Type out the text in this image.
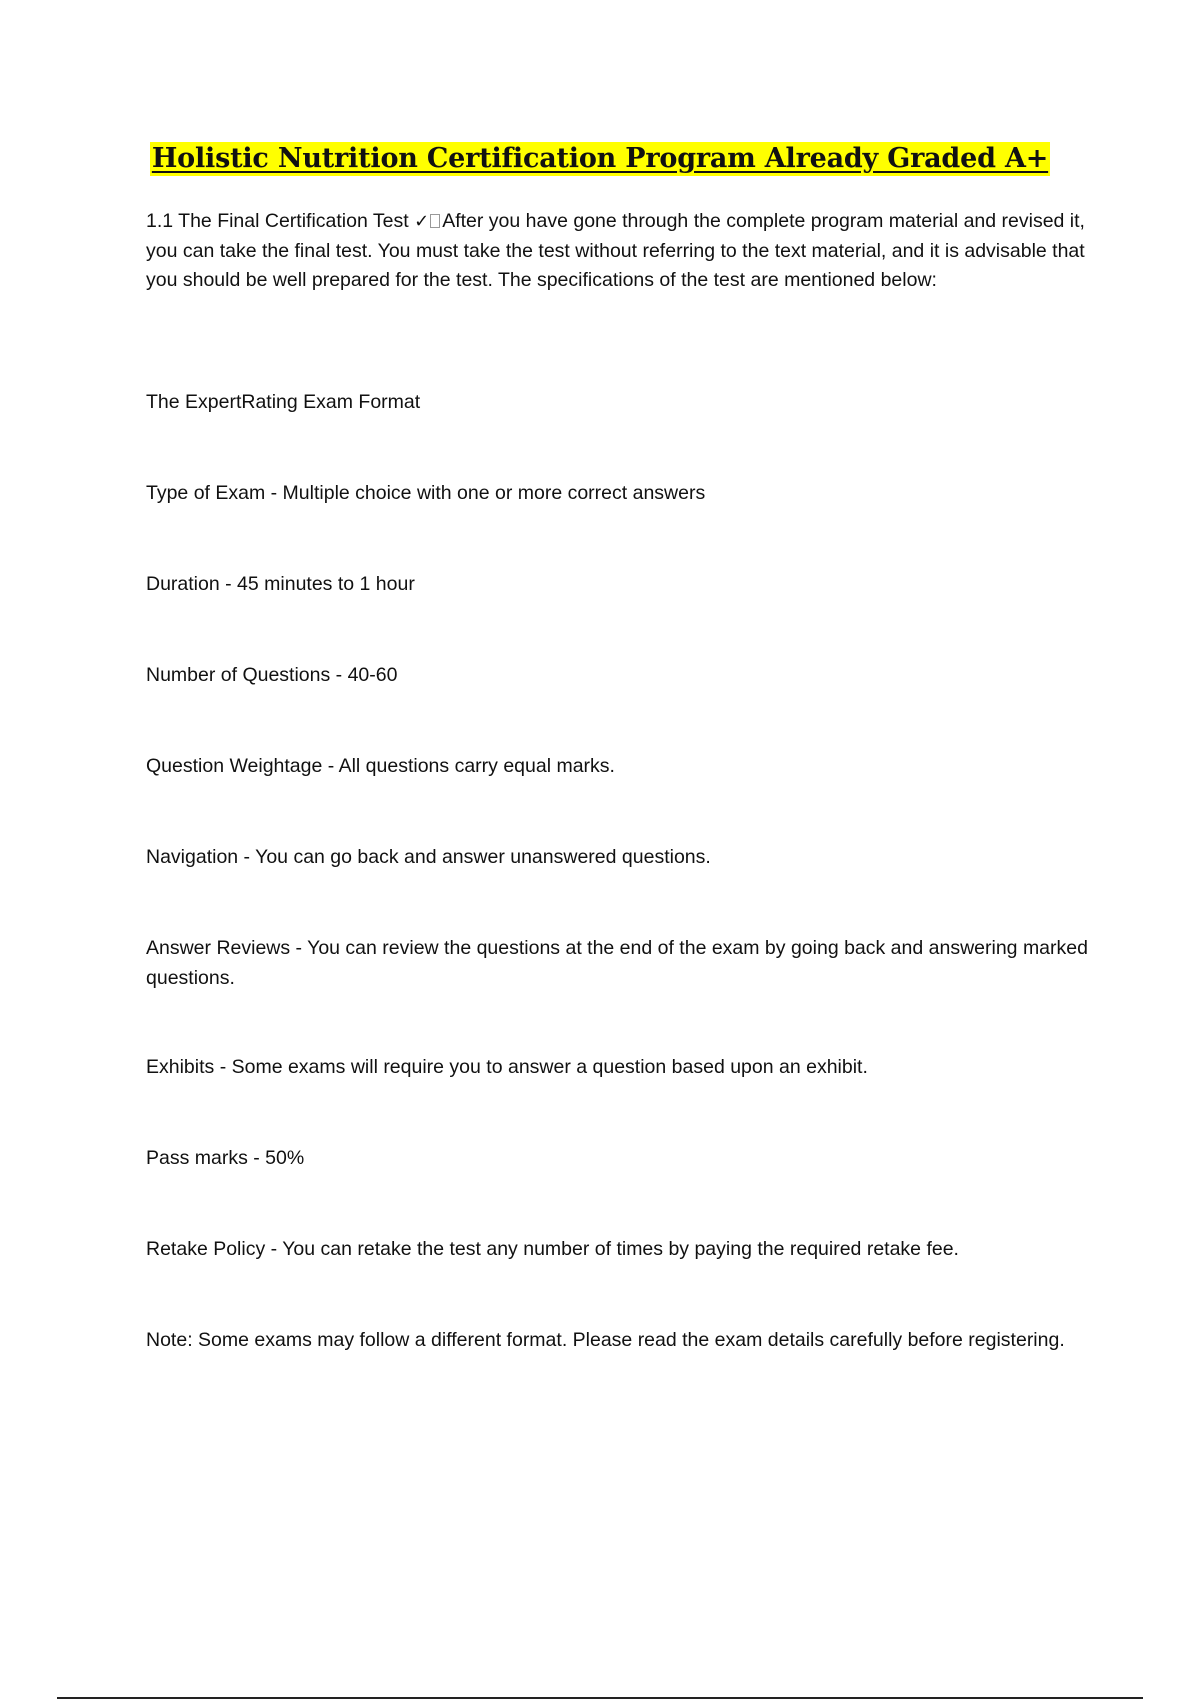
Holistic Nutrition Certification Program Already Graded A+

1.1 The Final Certification Test ✓ After you have gone through the complete program material and revised it, you can take the final test. You must take the test without referring to the text material, and it is advisable that you should be well prepared for the test. The specifications of the test are mentioned below:

The ExpertRating Exam Format

Type of Exam - Multiple choice with one or more correct answers

Duration - 45 minutes to 1 hour

Number of Questions - 40-60

Question Weightage - All questions carry equal marks.

Navigation - You can go back and answer unanswered questions.

Answer Reviews - You can review the questions at the end of the exam by going back and answering marked questions.

Exhibits - Some exams will require you to answer a question based upon an exhibit.

Pass marks - 50%

Retake Policy - You can retake the test any number of times by paying the required retake fee.

Note: Some exams may follow a different format. Please read the exam details carefully before registering.
